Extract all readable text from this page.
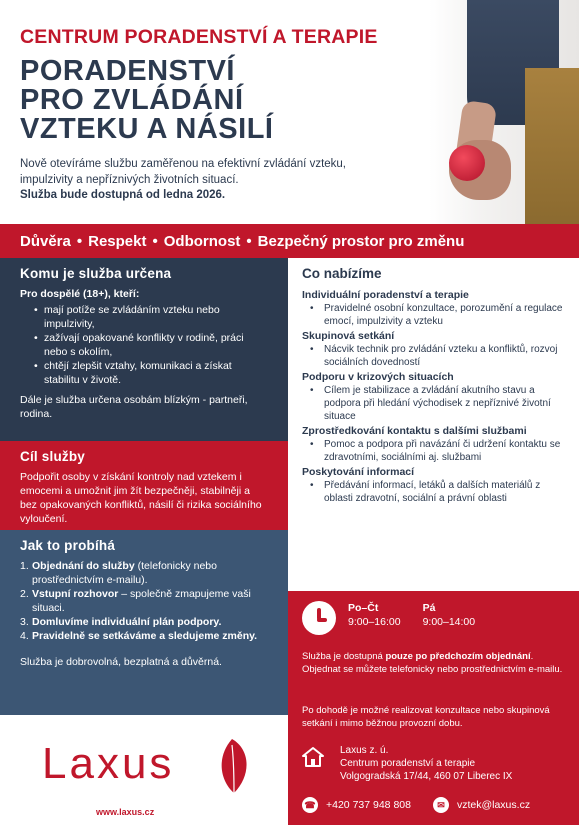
CENTRUM PORADENSTVÍ A TERAPIE
PORADENSTVÍ
PRO ZVLÁDÁNÍ
VZTEKU A NÁSILÍ
Nově otevíráme službu zaměřenou na efektivní zvládání vzteku, impulzivity a nepříznivých životních situací.
Služba bude dostupná od ledna 2026.
Důvěra • Respekt • Odbornost • Bezpečný prostor pro změnu
Komu je služba určena

Pro dospělé (18+), kteří:

• mají potíže se zvládáním vzteku nebo impulzivity,
• zažívají opakované konflikty v rodině, práci nebo s okolím,
• chtějí zlepšit vztahy, komunikaci a získat stabilitu v životě.

Dále je služba určena osobám blízkým - partneři, rodina.

Cíl služby

Podpořit osoby v získání kontroly nad vztekem i emocemi a umožnit jim žít bezpečněji, stabilněji a bez opakovaných konfliktů, násilí či rizika sociálního vyloučení.

Jak to probíhá
1. Objednání do služby (telefonicky nebo prostřednictvím e-mailu).
2. Vstupní rozhovor – společně zmapujeme vaši situaci.
3. Domluvíme individuální plán podpory.
4. Pravidelně se setkáváme a sledujeme změny.

Služba je dobrovolná, bezplatná a důvěrná.

Laxus
www.laxus.cz
Co nabízíme
Individuální poradenství a terapie
• Pravidelné osobní konzultace, porozumění a regulace emocí, impulzivity a vzteku
Skupinová setkání
• Nácvik technik pro zvládání vzteku a konfliktů, rozvoj sociálních dovedností
Podporu v krizových situacích
• Cílem je stabilizace a zvládání akutního stavu a podpora při hledání východisek z nepříznivé životní situace
Zprostředkování kontaktu s dalšími službami
• Pomoc a podpora při navázání či udržení kontaktu se zdravotními, sociálními aj. službami
Poskytování informací
• Předávání informací, letáků a dalších materiálů z oblasti zdravotní, sociální a právní oblasti
Po–Čt
9:00–16:00
Pá
9:00–14:00
Služba je dostupná pouze po předchozím objednání. Objednat se můžete telefonicky nebo prostřednictvím e-mailu.
Po dohodě je možné realizovat konzultace nebo skupinová setkání i mimo běžnou provozní dobu.
Laxus z. ú.
Centrum poradenství a terapie
Volgogradská 17/44, 460 07 Liberec IX
☎ +420 737 948 808	✉	vztek@laxus.cz
